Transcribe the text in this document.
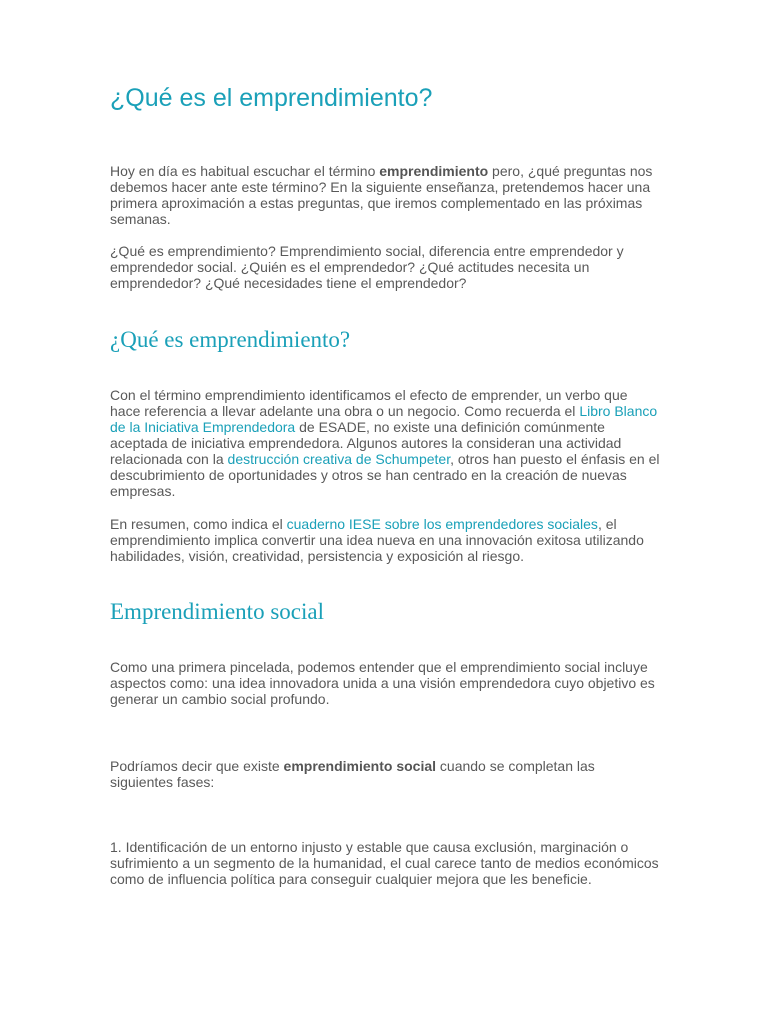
¿Qué es el emprendimiento?

Hoy en día es habitual escuchar el término emprendimiento pero, ¿qué preguntas nos debemos hacer ante este término? En la siguiente enseñanza, pretendemos hacer una primera aproximación a estas preguntas, que iremos complementado en las próximas semanas.

¿Qué es emprendimiento? Emprendimiento social, diferencia entre emprendedor y emprendedor social. ¿Quién es el emprendedor? ¿Qué actitudes necesita un emprendedor? ¿Qué necesidades tiene el emprendedor?

¿Qué es emprendimiento?

Con el término emprendimiento identificamos el efecto de emprender, un verbo que hace referencia a llevar adelante una obra o un negocio. Como recuerda el Libro Blanco de la Iniciativa Emprendedora de ESADE, no existe una definición comúnmente aceptada de iniciativa emprendedora. Algunos autores la consideran una actividad relacionada con la destrucción creativa de Schumpeter, otros han puesto el énfasis en el descubrimiento de oportunidades y otros se han centrado en la creación de nuevas empresas.

En resumen, como indica el cuaderno IESE sobre los emprendedores sociales, el emprendimiento implica convertir una idea nueva en una innovación exitosa utilizando habilidades, visión, creatividad, persistencia y exposición al riesgo.

Emprendimiento social

Como una primera pincelada, podemos entender que el emprendimiento social incluye aspectos como: una idea innovadora unida a una visión emprendedora cuyo objetivo es generar un cambio social profundo.

Podríamos decir que existe emprendimiento social cuando se completan las siguientes fases:

1. Identificación de un entorno injusto y estable que causa exclusión, marginación o sufrimiento a un segmento de la humanidad, el cual carece tanto de medios económicos como de influencia política para conseguir cualquier mejora que les beneficie.
